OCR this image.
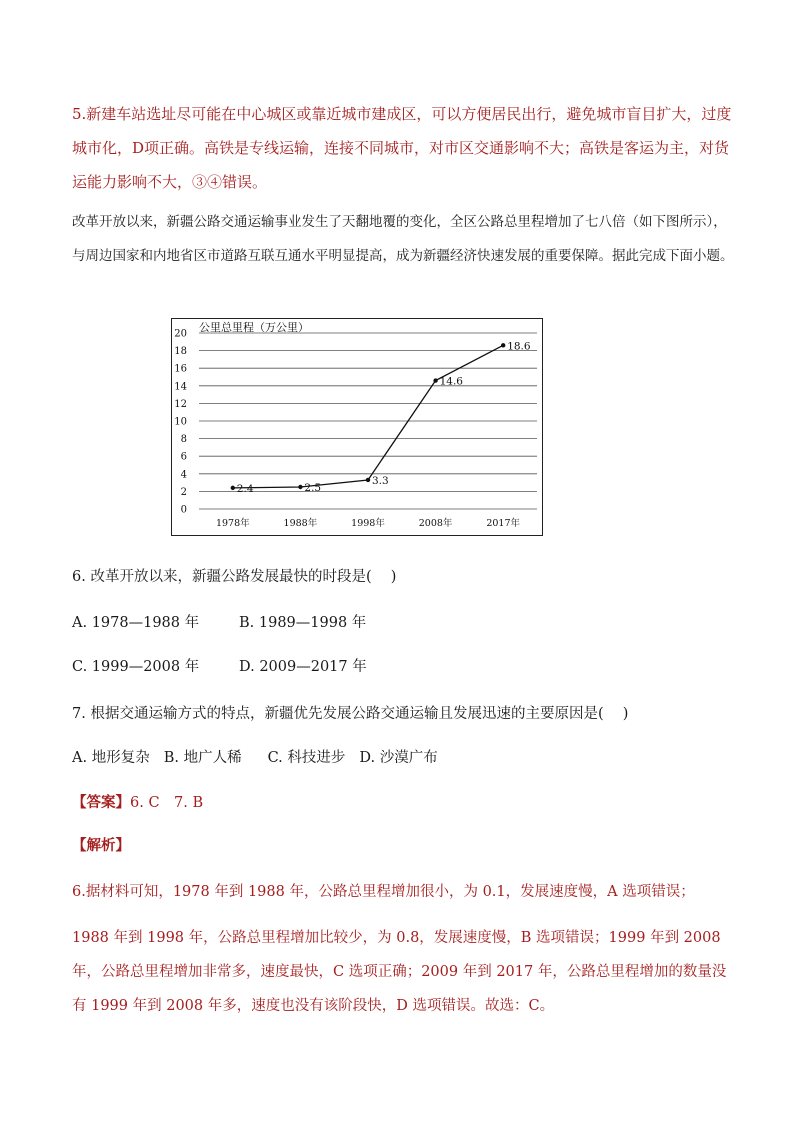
5.新建车站选址尽可能在中心城区或靠近城市建成区，可以方便居民出行，避免城市盲目扩大，过度城市化，D项正确。高铁是专线运输，连接不同城市，对市区交通影响不大；高铁是客运为主，对货运能力影响不大，③④错误。
改革开放以来，新疆公路交通运输事业发生了天翻地覆的变化，全区公路总里程增加了七八倍（如下图所示），与周边国家和内地省区市道路互联互通水平明显提高，成为新疆经济快速发展的重要保障。据此完成下面小题。
公里总里程（万公里）
0
2
4
6
8
10
12
14
16
18
20
1978年	1988年	1998年	2008年	2017年
2.4	2.5
3.3
14.6
18.6
6. 改革开放以来，新疆公路发展最快的时段是(　 )
A. 1978—1988 年	B. 1989—1998 年
C. 1999—2008 年	D. 2009—2017 年
7. 根据交通运输方式的特点，新疆优先发展公路交通运输且发展迅速的主要原因是(　 )
A. 地形复杂 B. 地广人稀 C. 科技进步 D. 沙漠广布
【答案】6. C　7. B
【解析】
6.据材料可知，1978 年到 1988 年，公路总里程增加很小，为 0.1，发展速度慢，A 选项错误；
1988 年到 1998 年，公路总里程增加比较少，为 0.8，发展速度慢，B 选项错误；1999 年到 2008 年，公路总里程增加非常多，速度最快，C 选项正确；2009 年到 2017 年，公路总里程增加的数量没有 1999 年到 2008 年多，速度也没有该阶段快，D 选项错误。故选：C。
